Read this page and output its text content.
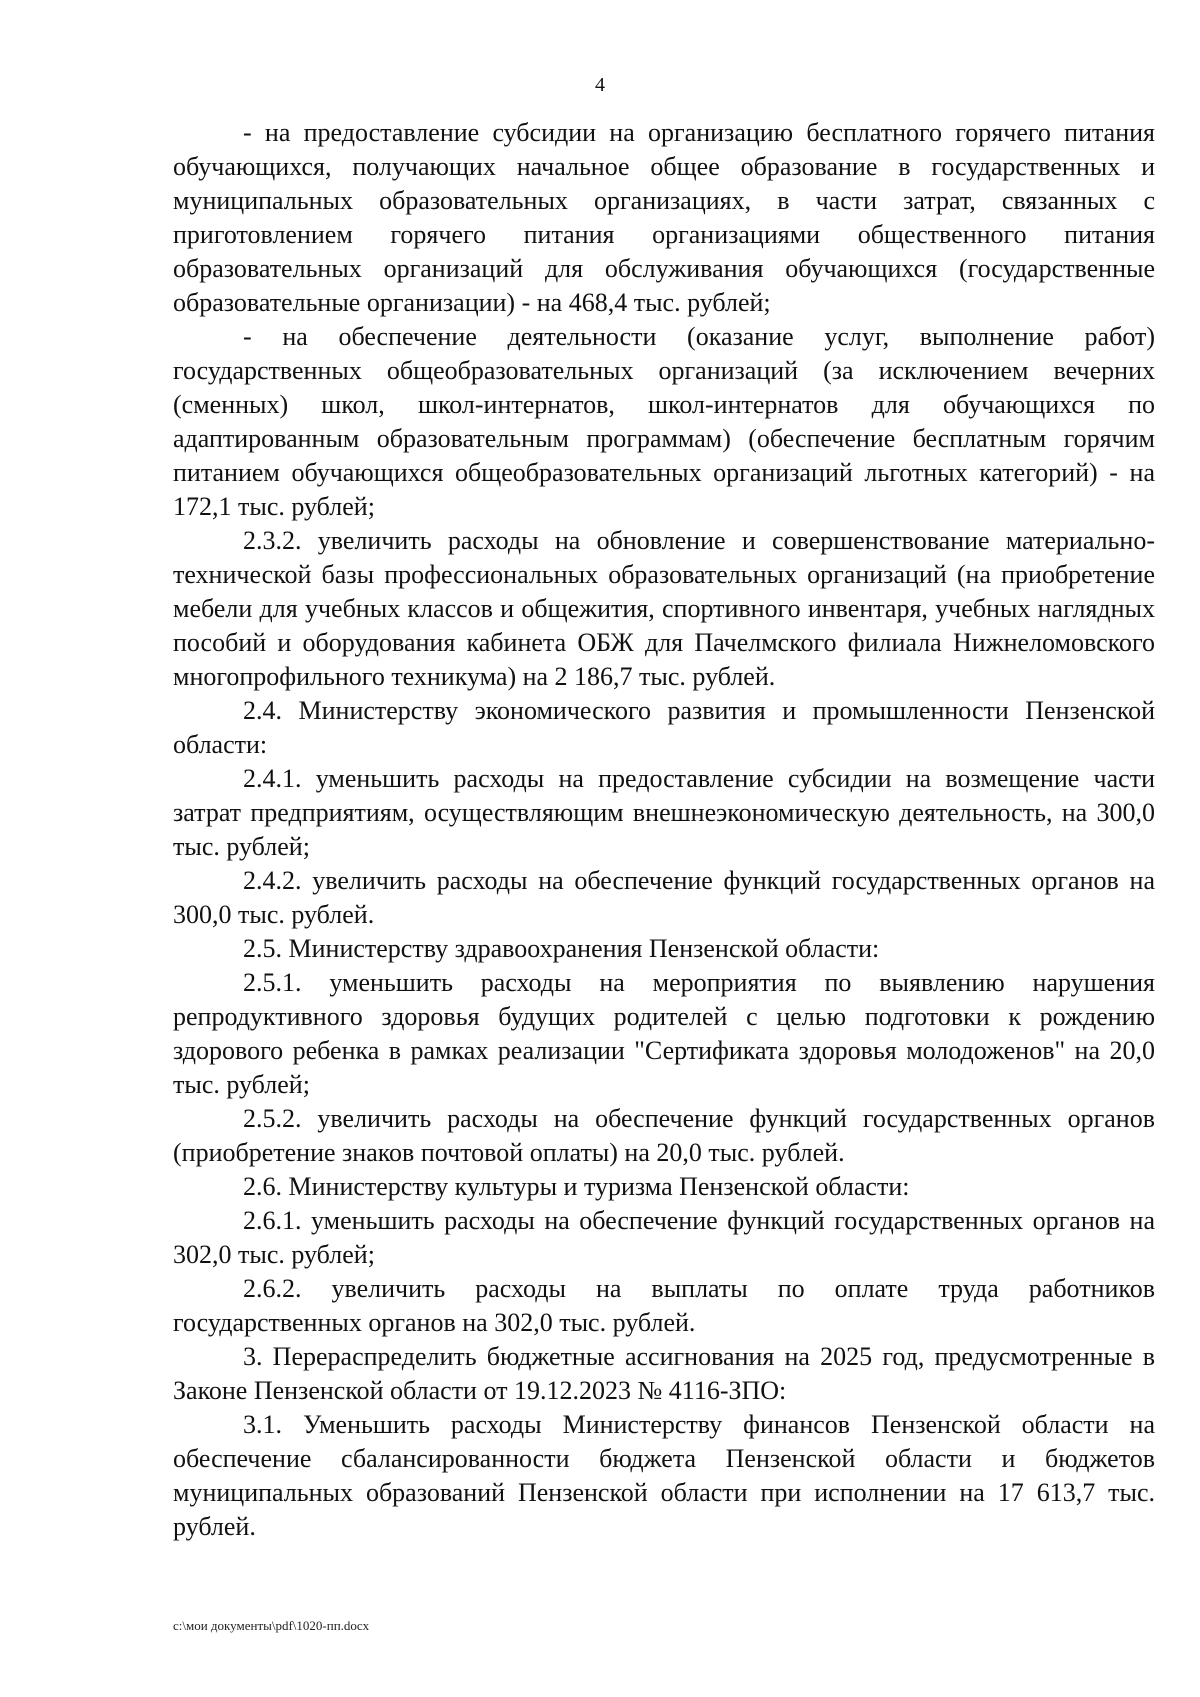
4

- на предоставление субсидии на организацию бесплатного горячего питания обучающихся, получающих начальное общее образование в государственных и муниципальных образовательных организациях, в части затрат, связанных с приготовлением горячего питания организациями общественного питания образовательных организаций для обслуживания обучающихся (государственные образовательные организации) - на 468,4 тыс. рублей;

- на обеспечение деятельности (оказание услуг, выполнение работ) государственных общеобразовательных организаций (за исключением вечерних (сменных) школ, школ-интернатов, школ-интернатов для обучающихся по адаптированным образовательным программам) (обеспечение бесплатным горячим питанием обучающихся общеобразовательных организаций льготных категорий) - на 172,1 тыс. рублей;

2.3.2. увеличить расходы на обновление и совершенствование материально-технической базы профессиональных образовательных организаций (на приобретение мебели для учебных классов и общежития, спортивного инвентаря, учебных наглядных пособий и оборудования кабинета ОБЖ для Пачелмского филиала Нижнеломовского многопрофильного техникума) на 2 186,7 тыс. рублей.

2.4. Министерству экономического развития и промышленности Пензенской области:

2.4.1. уменьшить расходы на предоставление субсидии на возмещение части затрат предприятиям, осуществляющим внешнеэкономическую деятельность, на 300,0 тыс. рублей;

2.4.2. увеличить расходы на обеспечение функций государственных органов на 300,0 тыс. рублей.

2.5. Министерству здравоохранения Пензенской области:

2.5.1. уменьшить расходы на мероприятия по выявлению нарушения репродуктивного здоровья будущих родителей с целью подготовки к рождению здорового ребенка в рамках реализации "Сертификата здоровья молодоженов" на 20,0 тыс. рублей;

2.5.2. увеличить расходы на обеспечение функций государственных органов (приобретение знаков почтовой оплаты) на 20,0 тыс. рублей.

2.6. Министерству культуры и туризма Пензенской области:

2.6.1. уменьшить расходы на обеспечение функций государственных органов на 302,0 тыс. рублей;

2.6.2. увеличить расходы на выплаты по оплате труда работников государственных органов на 302,0 тыс. рублей.

3. Перераспределить бюджетные ассигнования на 2025 год, предусмотренные в Законе Пензенской области от 19.12.2023 № 4116-ЗПО:

3.1. Уменьшить расходы Министерству финансов Пензенской области на обеспечение сбалансированности бюджета Пензенской области и бюджетов муниципальных образований Пензенской области при исполнении на 17 613,7 тыс. рублей.

c:\мои документы\pdf\1020-пп.docx
